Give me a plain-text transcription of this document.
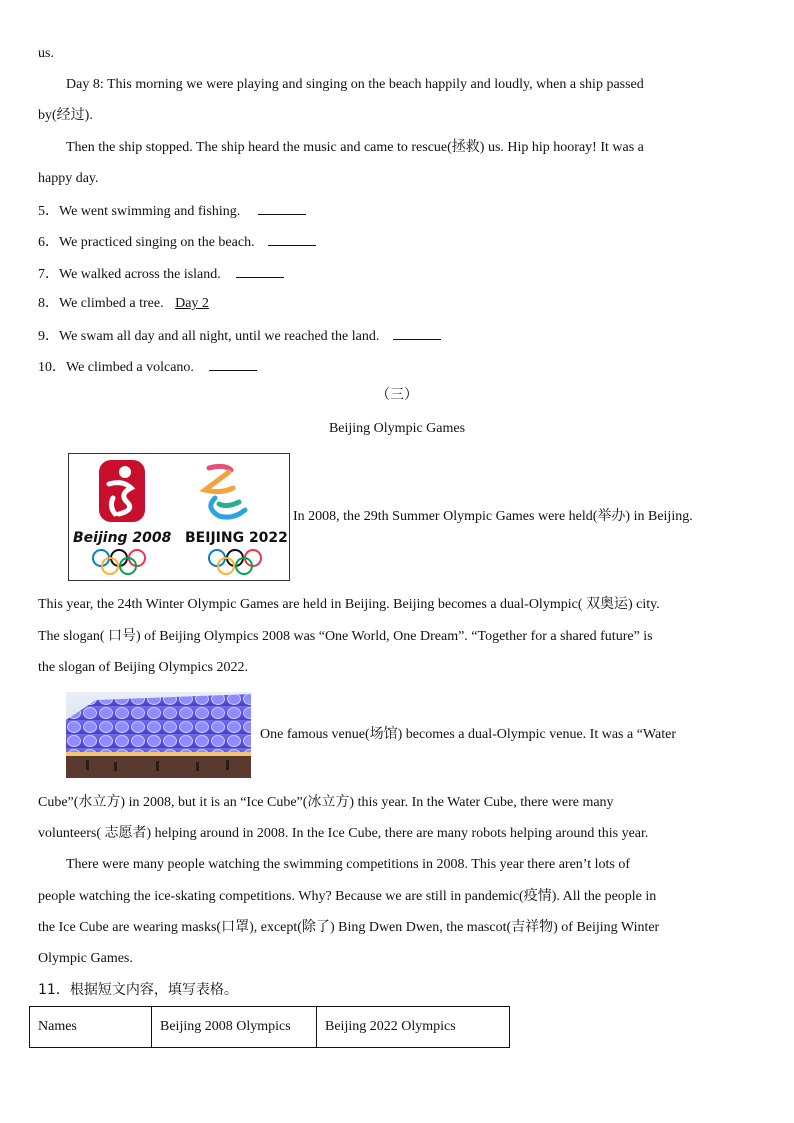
us.
Day 8: This morning we were playing and singing on the beach happily and loudly, when a ship passed
by(经过).
Then the ship stopped. The ship heard the music and came to rescue(拯救) us. Hip hip hooray! It was a
happy day.
5．We went swimming and fishing.
6．We practiced singing on the beach.
7．We walked across the island.
8．We climbed a tree. Day 2
9．We swam all day and all night, until we reached the land.
10．We climbed a volcano.
（三）
Beijing Olympic Games
Beijing 2008 BEIJING 2022
In 2008, the 29th Summer Olympic Games were held(举办) in Beijing.
This year, the 24th Winter Olympic Games are held in Beijing. Beijing becomes a dual-Olympic( 双奥运) city.
The slogan( 口号) of Beijing Olympics 2008 was “One World, One Dream”. “Together for a shared future” is
the slogan of Beijing Olympics 2022.
One famous venue(场馆) becomes a dual-Olympic venue. It was a “Water
Cube”(水立方) in 2008, but it is an “Ice Cube”(冰立方) this year. In the Water Cube, there were many
volunteers( 志愿者) helping around in 2008. In the Ice Cube, there are many robots helping around this year.
There were many people watching the swimming competitions in 2008. This year there aren’t lots of
people watching the ice-skating competitions. Why? Because we are still in pandemic(疫情). All the people in
the Ice Cube are wearing masks(口罩), except(除了) Bing Dwen Dwen, the mascot(吉祥物) of Beijing Winter
Olympic Games.
11．根据短文内容，填写表格。
Names	Beijing 2008 Olympics	Beijing 2022 Olympics
